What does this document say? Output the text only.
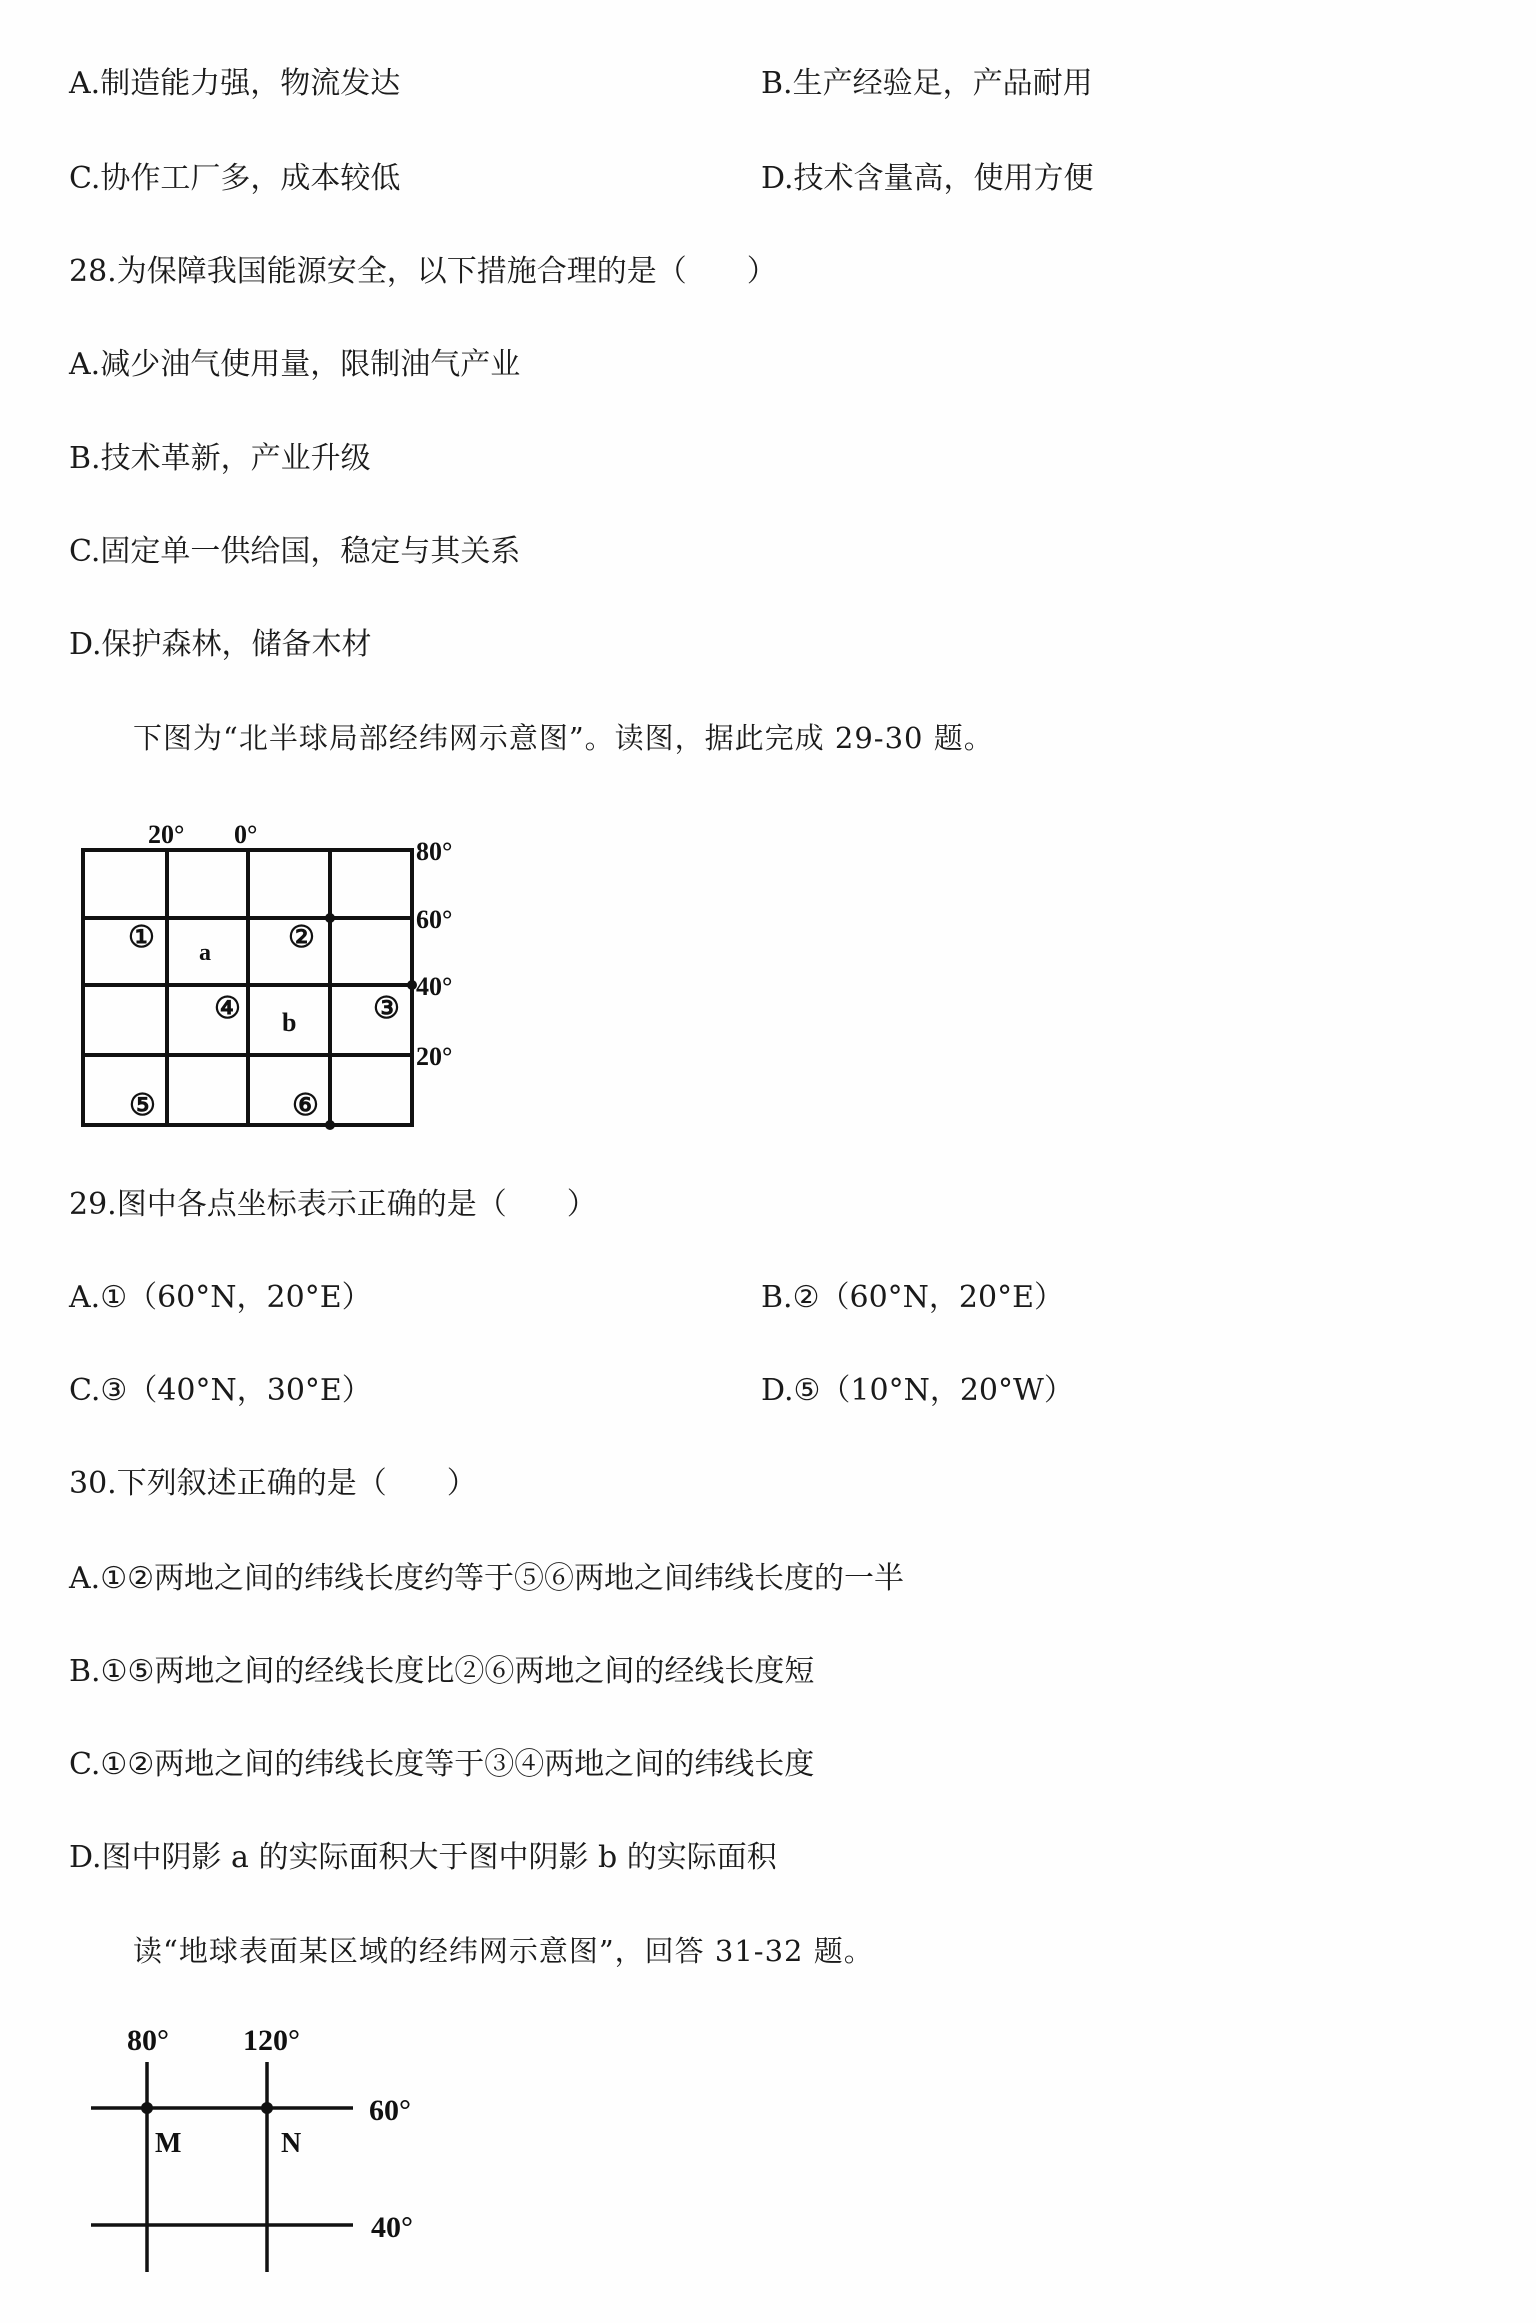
A.制造能力强，物流发达	B.生产经验足，产品耐用
C.协作工厂多，成本较低	D.技术含量高，使用方便
28.为保障我国能源安全，以下措施合理的是（　　）
A.减少油气使用量，限制油气产业
B.技术革新，产业升级
C.固定单一供给国，稳定与其关系
D.保护森林，储备木材
下图为“北半球局部经纬网示意图”。读图，据此完成 29-30 题。
20° 0°
80°
60°
40°
20°
①	②
③
④
⑤	⑥
a
b
29.图中各点坐标表示正确的是（　　）
A.①（60°N，20°E）	B.②（60°N，20°E）
C.③（40°N，30°E）	D.⑤（10°N，20°W）
30.下列叙述正确的是（　　）
A.①②两地之间的纬线长度约等于⑤⑥两地之间纬线长度的一半
B.①⑤两地之间的经线长度比②⑥两地之间的经线长度短
C.①②两地之间的纬线长度等于③④两地之间的纬线长度
D.图中阴影 a 的实际面积大于图中阴影 b 的实际面积
读“地球表面某区域的经纬网示意图”，回答 31-32 题。
80° 120°
60°
40°
M	N
